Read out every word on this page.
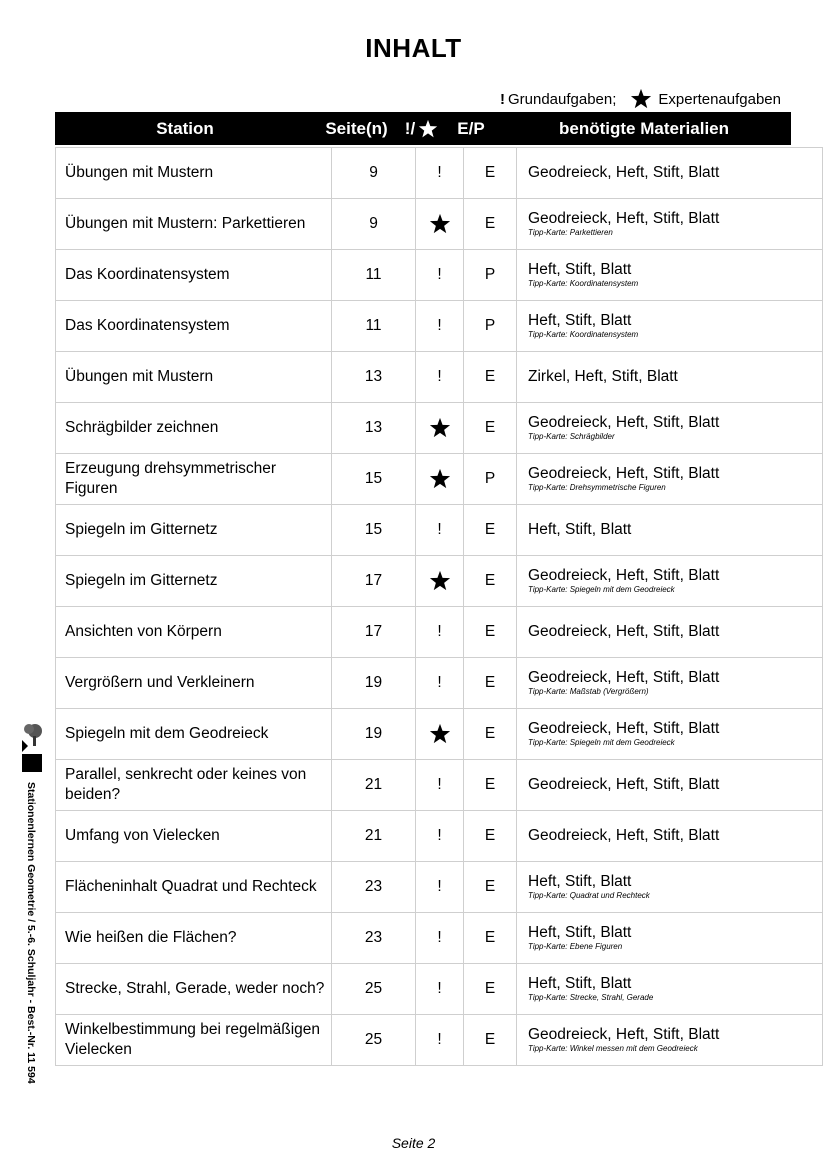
INHALT
! Grundaufgaben;	Expertenaufgaben
Station	Seite(n)	!/	E/P	benötigte Materialien
Übungen mit Mustern	9	!	E	Geodreieck, Heft, Stift, Blatt

Übungen mit Mustern: Parkettieren	9		E	Geodreieck, Heft, Stift, Blatt
Tipp-Karte: Parkettieren

Das Koordinatensystem	11	!	P	Heft, Stift, Blatt
Tipp-Karte: Koordinatensystem

Das Koordinatensystem	11	!	P	Heft, Stift, Blatt
Tipp-Karte: Koordinatensystem

Übungen mit Mustern	13	!	E	Zirkel, Heft, Stift, Blatt

Schrägbilder zeichnen	13		E	Geodreieck, Heft, Stift, Blatt
Tipp-Karte: Schrägbilder

Erzeugung drehsymmetrischer Figuren	15		P	Geodreieck, Heft, Stift, Blatt
Tipp-Karte: Drehsymmetrische Figuren

Spiegeln im Gitternetz	15	!	E	Heft, Stift, Blatt

Spiegeln im Gitternetz	17		E	Geodreieck, Heft, Stift, Blatt
Tipp-Karte: Spiegeln mit dem Geodreieck

Ansichten von Körpern	17	!	E	Geodreieck, Heft, Stift, Blatt

Vergrößern und Verkleinern	19	!	E	Geodreieck, Heft, Stift, Blatt
Tipp-Karte: Maßstab (Vergrößern)

Spiegeln mit dem Geodreieck	19		E	Geodreieck, Heft, Stift, Blatt
Tipp-Karte: Spiegeln mit dem Geodreieck

Parallel, senkrecht oder keines von beiden?	21	!	E	Geodreieck, Heft, Stift, Blatt

Umfang von Vielecken	21	!	E	Geodreieck, Heft, Stift, Blatt

Flächeninhalt Quadrat und Rechteck	23	!	E	Heft, Stift, Blatt
Tipp-Karte: Quadrat und Rechteck

Wie heißen die Flächen?	23	!	E	Heft, Stift, Blatt
Tipp-Karte: Ebene Figuren

Strecke, Strahl, Gerade, weder noch?	25	!	E	Heft, Stift, Blatt
Tipp-Karte: Strecke, Strahl, Gerade

Winkelbestimmung bei regelmäßigen Vielecken	25	!	E	Geodreieck, Heft, Stift, Blatt
Tipp-Karte: Winkel messen mit dem Geodreieck
Stationenlernen Geometrie / 5.-6. Schuljahr - Best.-Nr. 11 594
Seite 2
